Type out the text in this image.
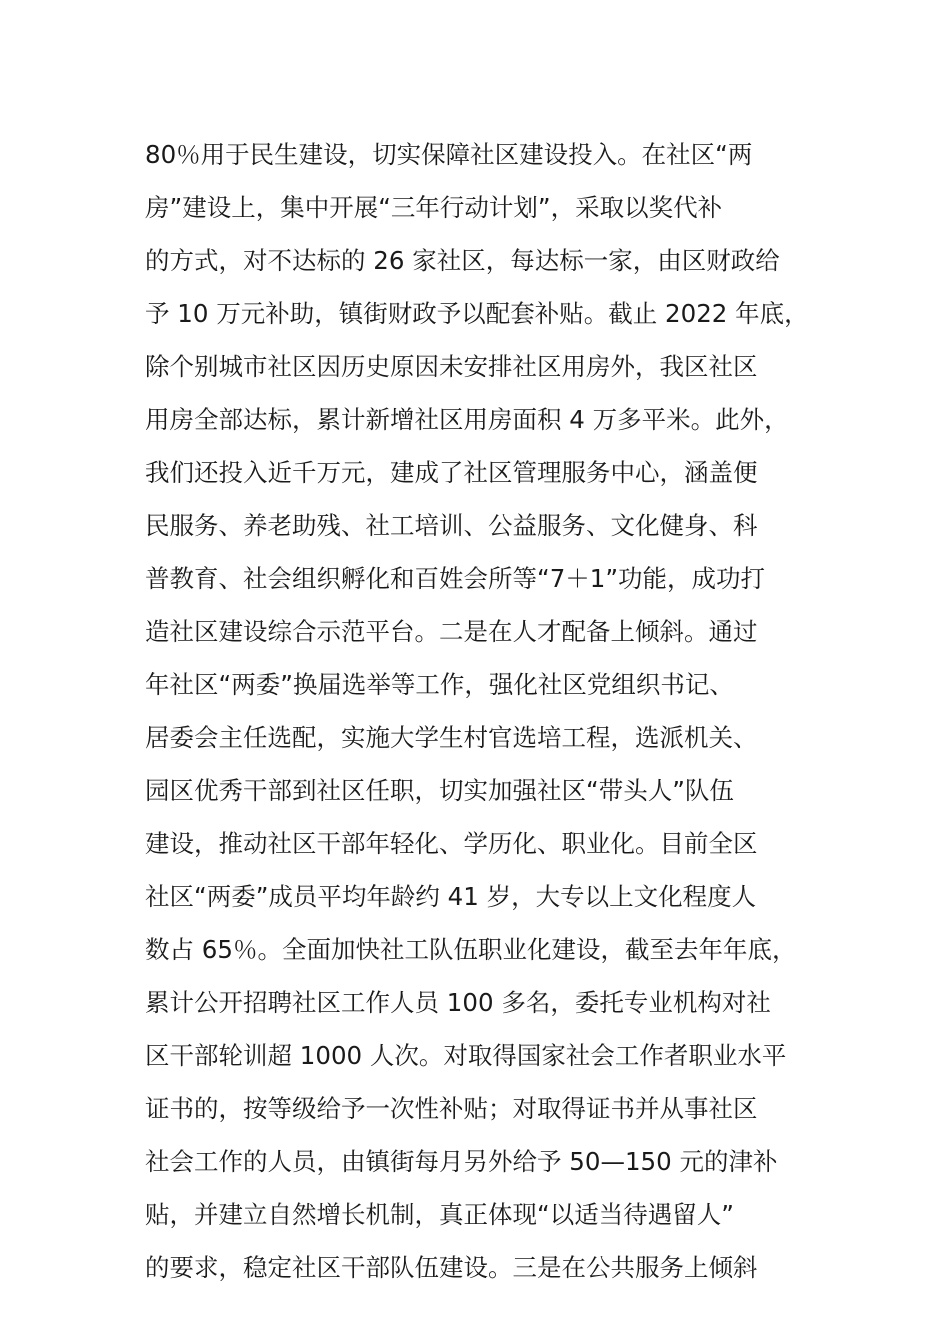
80％用于民生建设，切实保障社区建设投入。在社区“两
房”建设上，集中开展“三年行动计划”，采取以奖代补
的方式，对不达标的 26 家社区，每达标一家，由区财政给
予 10 万元补助，镇街财政予以配套补贴。截止 2022 年底，
除个别城市社区因历史原因未安排社区用房外，我区社区
用房全部达标，累计新增社区用房面积 4 万多平米。此外，
我们还投入近千万元，建成了社区管理服务中心，涵盖便
民服务、养老助残、社工培训、公益服务、文化健身、科
普教育、社会组织孵化和百姓会所等“7＋1”功能，成功打
造社区建设综合示范平台。二是在人才配备上倾斜。通过
年社区“两委”换届选举等工作，强化社区党组织书记、
居委会主任选配，实施大学生村官选培工程，选派机关、
园区优秀干部到社区任职，切实加强社区“带头人”队伍
建设，推动社区干部年轻化、学历化、职业化。目前全区
社区“两委”成员平均年龄约 41 岁，大专以上文化程度人
数占 65％。全面加快社工队伍职业化建设，截至去年年底，
累计公开招聘社区工作人员 100 多名，委托专业机构对社
区干部轮训超 1000 人次。对取得国家社会工作者职业水平
证书的，按等级给予一次性补贴；对取得证书并从事社区
社会工作的人员，由镇街每月另外给予 50—150 元的津补
贴，并建立自然增长机制，真正体现“以适当待遇留人”
的要求，稳定社区干部队伍建设。三是在公共服务上倾斜
